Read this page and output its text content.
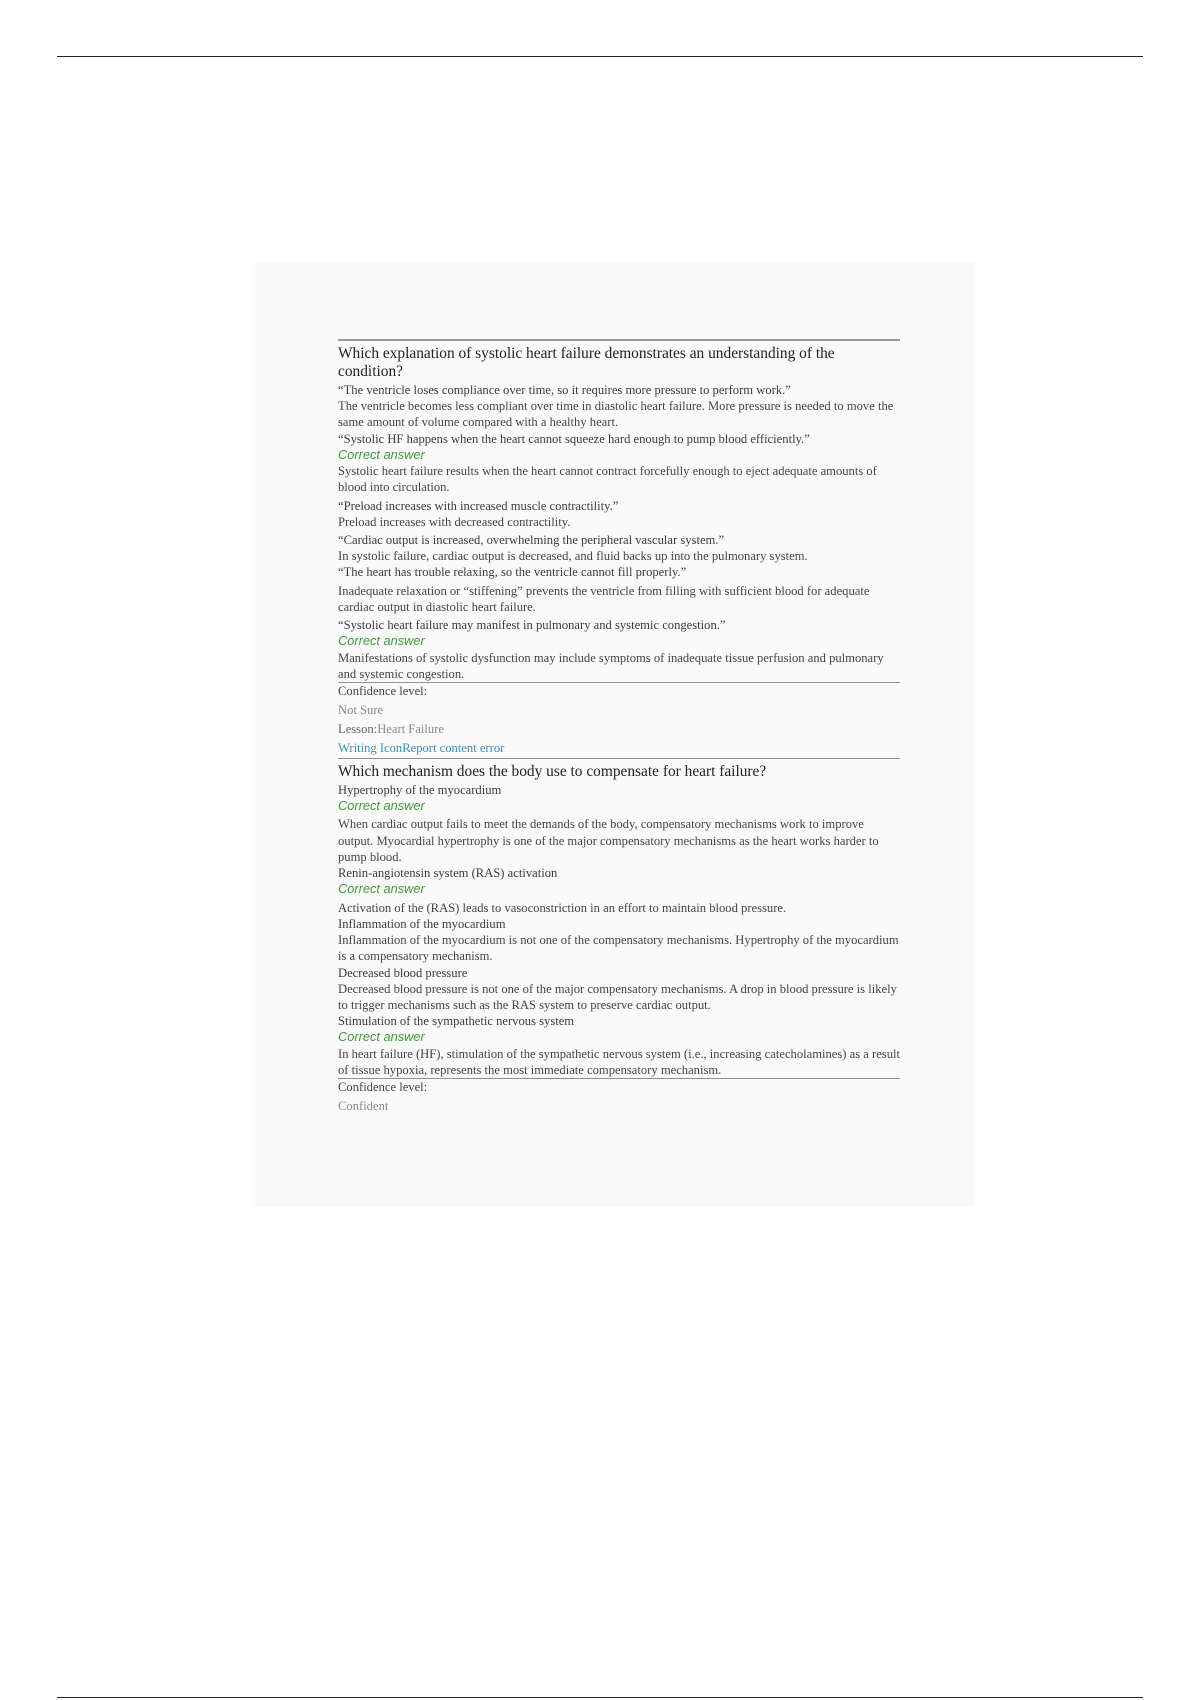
Which explanation of systolic heart failure demonstrates an understanding of the condition?
“The ventricle loses compliance over time, so it requires more pressure to perform work.”
The ventricle becomes less compliant over time in diastolic heart failure. More pressure is needed to move the same amount of volume compared with a healthy heart.
“Systolic HF happens when the heart cannot squeeze hard enough to pump blood efficiently.”
Correct answer
Systolic heart failure results when the heart cannot contract forcefully enough to eject adequate amounts of blood into circulation.
“Preload increases with increased muscle contractility.”
Preload increases with decreased contractility.
“Cardiac output is increased, overwhelming the peripheral vascular system.”
In systolic failure, cardiac output is decreased, and fluid backs up into the pulmonary system.
“The heart has trouble relaxing, so the ventricle cannot fill properly.”
Inadequate relaxation or “stiffening” prevents the ventricle from filling with sufficient blood for adequate cardiac output in diastolic heart failure.
“Systolic heart failure may manifest in pulmonary and systemic congestion.”
Correct answer
Manifestations of systolic dysfunction may include symptoms of inadequate tissue perfusion and pulmonary and systemic congestion.
Confidence level:
Not Sure
Lesson:Heart Failure
Writing IconReport content error
Which mechanism does the body use to compensate for heart failure?
Hypertrophy of the myocardium
Correct answer
When cardiac output fails to meet the demands of the body, compensatory mechanisms work to improve output. Myocardial hypertrophy is one of the major compensatory mechanisms as the heart works harder to pump blood.
Renin-angiotensin system (RAS) activation
Correct answer
Activation of the (RAS) leads to vasoconstriction in an effort to maintain blood pressure.
Inflammation of the myocardium
Inflammation of the myocardium is not one of the compensatory mechanisms. Hypertrophy of the myocardium is a compensatory mechanism.
Decreased blood pressure
Decreased blood pressure is not one of the major compensatory mechanisms. A drop in blood pressure is likely to trigger mechanisms such as the RAS system to preserve cardiac output.
Stimulation of the sympathetic nervous system
Correct answer
In heart failure (HF), stimulation of the sympathetic nervous system (i.e., increasing catecholamines) as a result of tissue hypoxia, represents the most immediate compensatory mechanism.
Confidence level:
Confident
